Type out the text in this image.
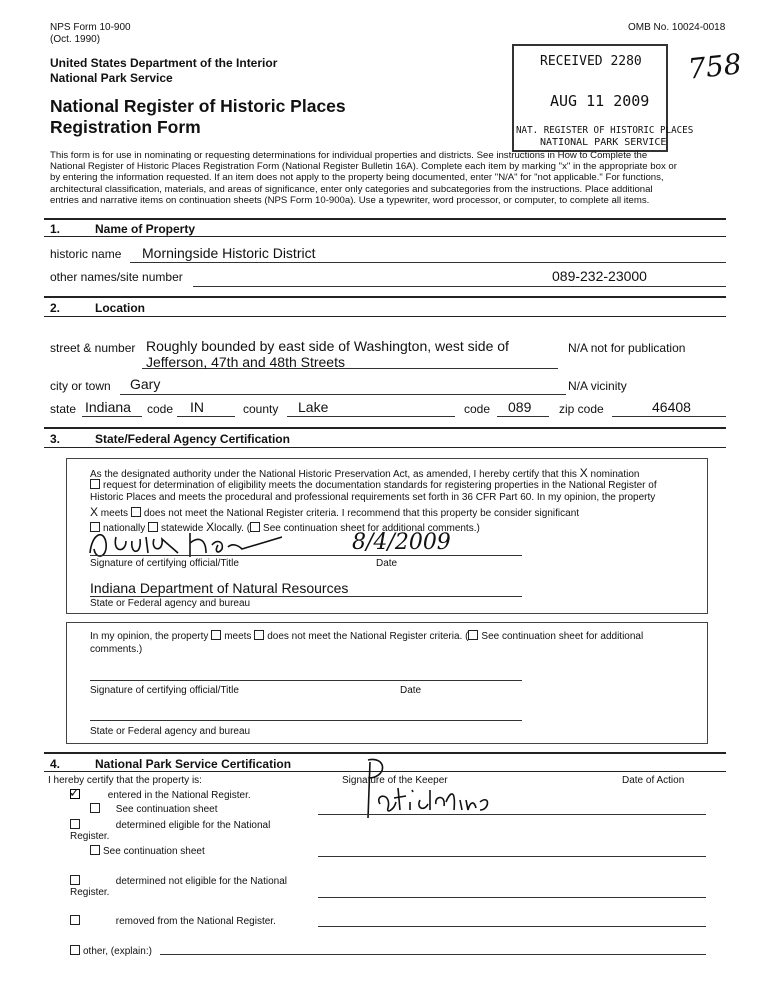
NPS Form 10-900
(Oct. 1990)
OMB No. 10024-0018
United States Department of the Interior
National Park Service
National Register of Historic Places
Registration Form
758
RECEIVED 2280
AUG 11 2009
NAT. REGISTER OF HISTORIC PLACES
NATIONAL PARK SERVICE
This form is for use in nominating or requesting determinations for individual properties and districts. See instructions in How to Complete the
National Register of Historic Places Registration Form (National Register Bulletin 16A). Complete each item by marking "x" in the appropriate box or
by entering the information requested. If an item does not apply to the property being documented, enter "N/A" for "not applicable." For functions,
architectural classification, materials, and areas of significance, enter only categories and subcategories from the instructions. Place additional
entries and narrative items on continuation sheets (NPS Form 10-900a). Use a typewriter, word processor, or computer, to complete all items.
1.	Name of Property
historic name Morningside Historic District
other names/site number	089-232-23000
2.	Location
street & number Roughly bounded by east side of Washington, west side of
Jefferson, 47th and 48th Streets
N/A not for publication
city or town Gary	N/A vicinity
state Indiana code IN	county Lake	code 089 zip code	46408
3.	State/Federal Agency Certification
As the designated authority under the National Historic Preservation Act, as amended, I hereby certify that this X nomination
request for determination of eligibility meets the documentation standards for registering properties in the National Register of
Historic Places and meets the procedural and professional requirements set forth in 36 CFR Part 60. In my opinion, the property
X meets does not meet the National Register criteria. I recommend that this property be consider significant
nationally statewide Xlocally. ( See continuation sheet for additional comments.)
8/4/2009
Signature of certifying official/Title	Date
Indiana Department of Natural Resources
State or Federal agency and bureau
In my opinion, the property meets does not meet the National Register criteria. ( See continuation sheet for additional
comments.)
Signature of certifying official/Title	Date
State or Federal agency and bureau
4.	National Park Service Certification
I hereby certify that the property is:	Signature of the Keeper	Date of Action
✓	entered in the National Register.
See continuation sheet
determined eligible for the National
Register.
See continuation sheet
determined not eligible for the National
Register.
removed from the National Register.
other, (explain:)
